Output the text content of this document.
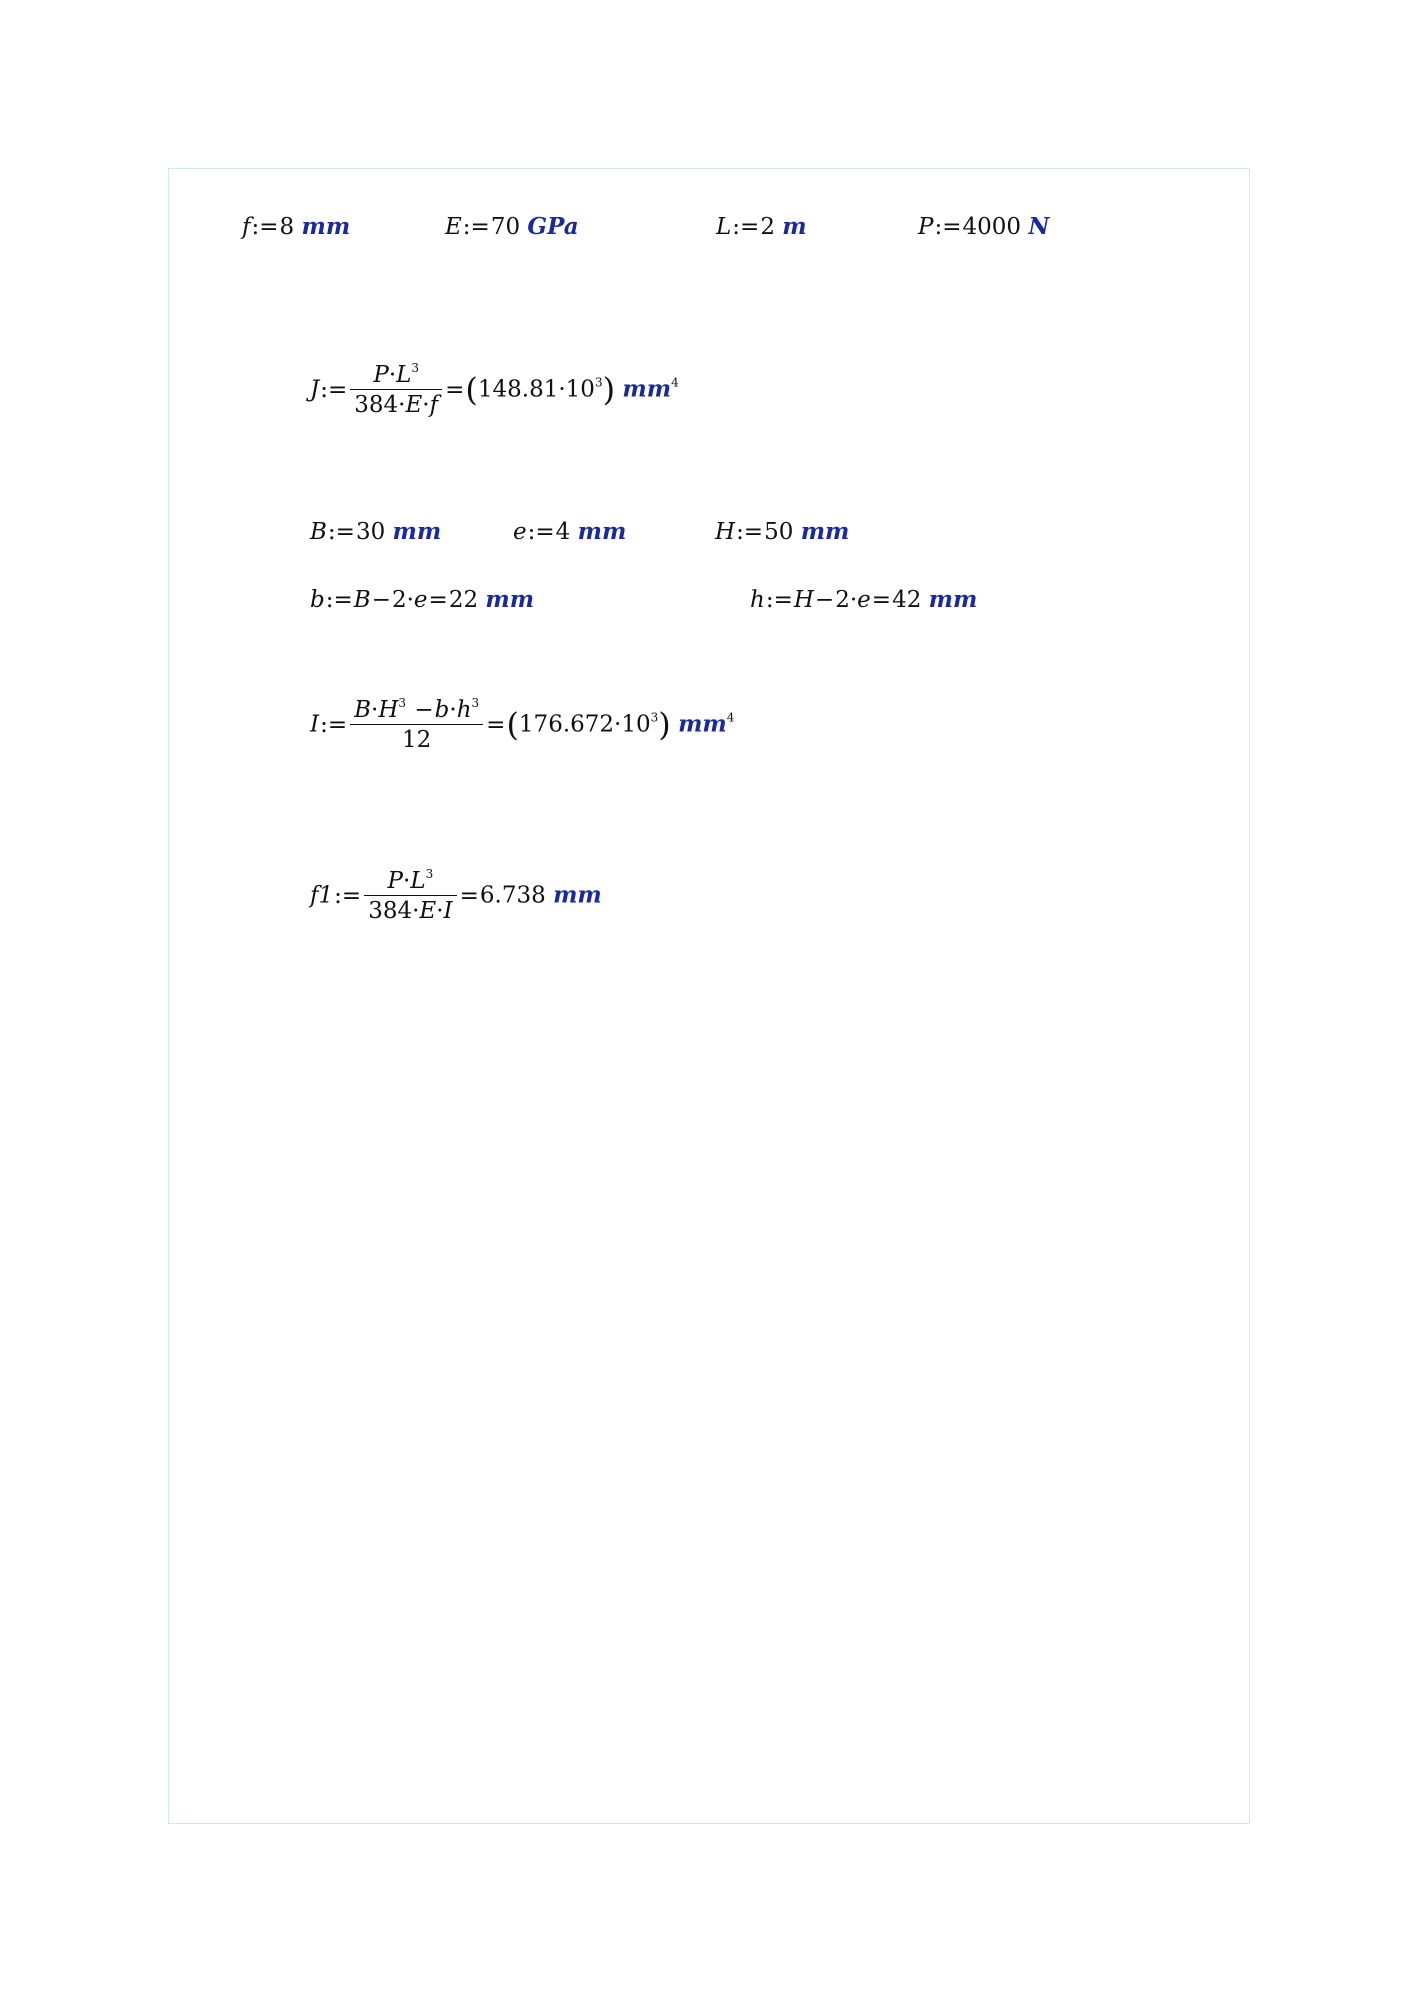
f:=8 mm	E:=70 GPa	L:=2 m	P:=4000 N
J:= $\frac{P\cdot L^3}{384\cdot E\cdot f} =(148.81\cdot 10^3)$ $mm^4$
B:=30 mm	e:=4 mm	H:=50 mm
b:=B−2·e=22 mm	h:=H−2·e=42 mm
I:= $\frac{B\cdot H^3 -b\cdot h^3}{12} =(176.672\cdot 10^3)$ $mm^4$
f1:= $\frac{P\cdot L^3}{384\cdot E\cdot I} =6.738$ mm
